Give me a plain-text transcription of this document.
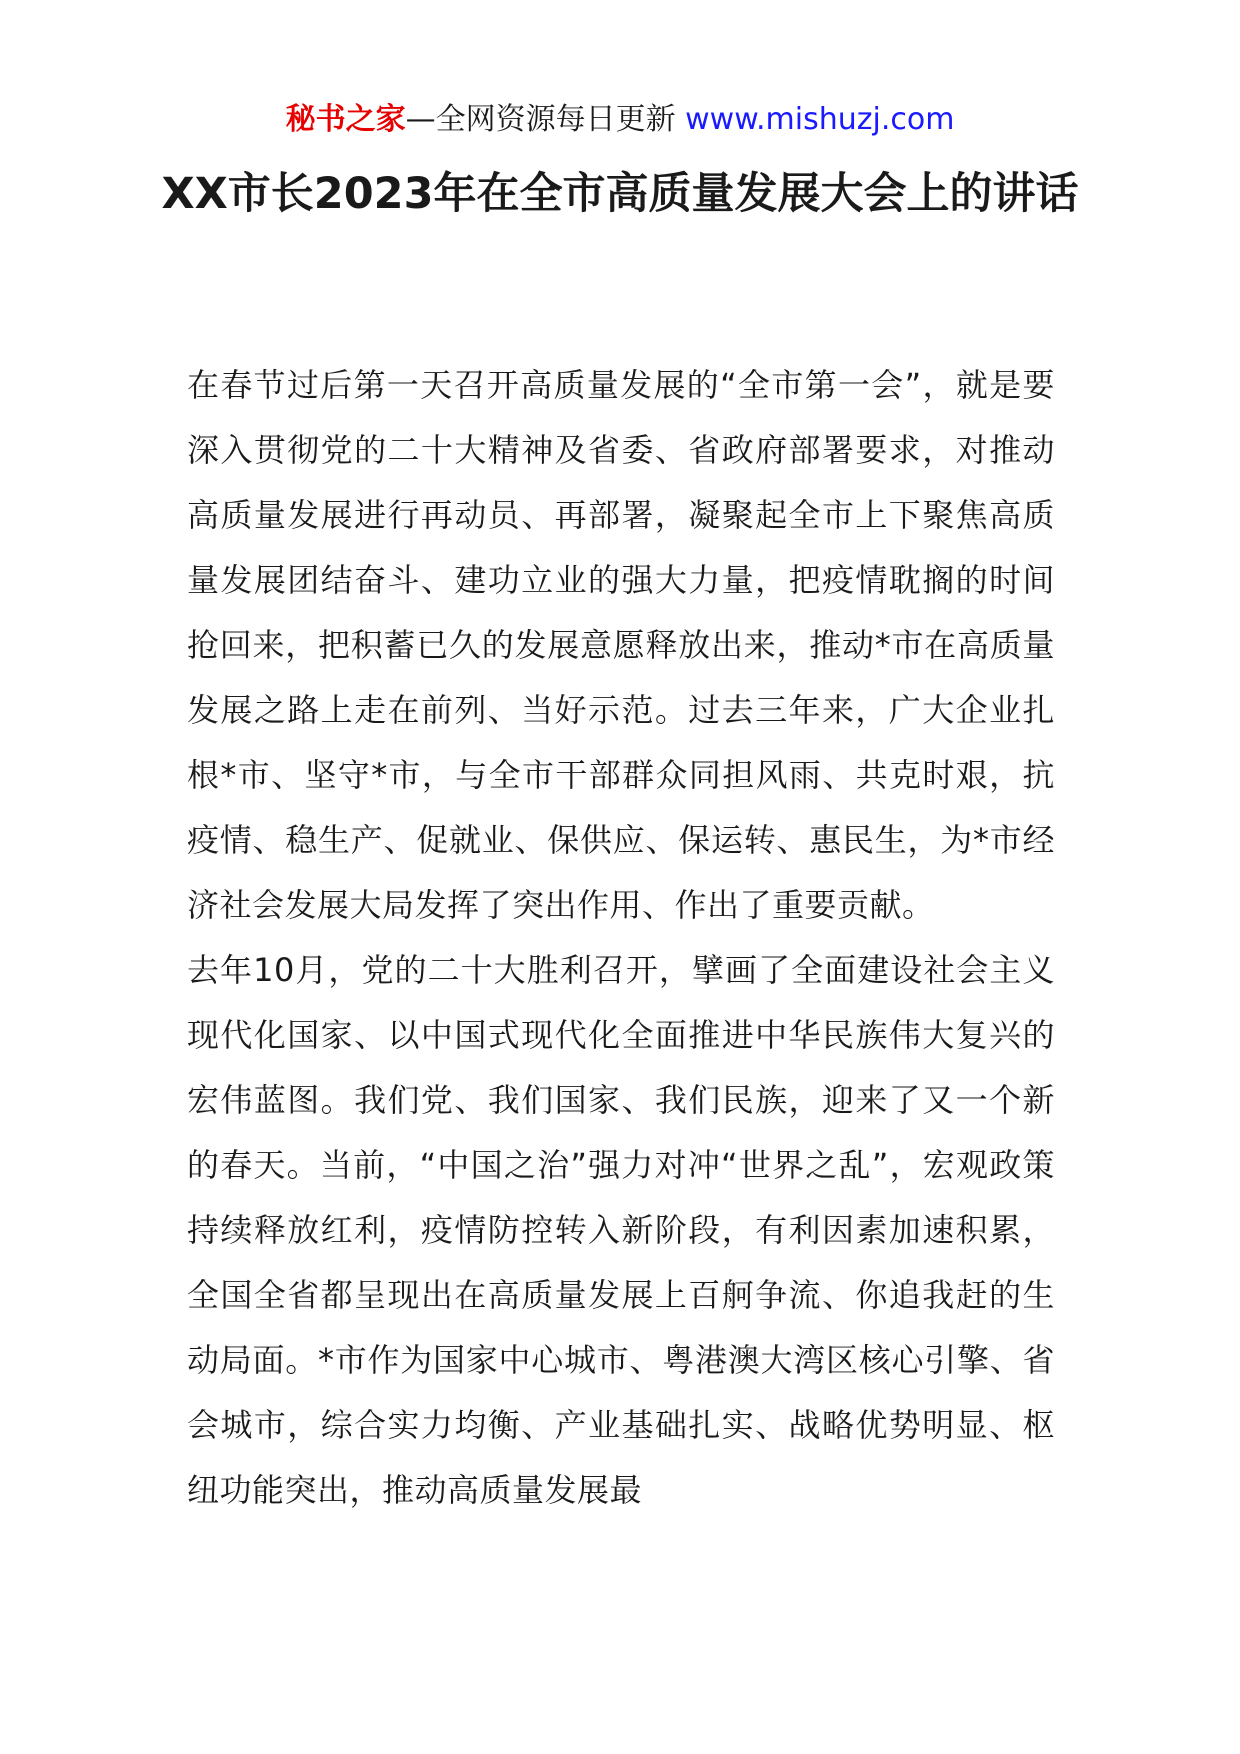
秘书之家—全网资源每日更新 www.mishuzj.com
XX市长2023年在全市高质量发展大会上的讲话

在春节过后第一天召开高质量发展的“全市第一会”，就是要深入贯彻党的二十大精神及省委、省政府部署要求，对推动高质量发展进行再动员、再部署，凝聚起全市上下聚焦高质量发展团结奋斗、建功立业的强大力量，把疫情耽搁的时间抢回来，把积蓄已久的发展意愿释放出来，推动*市在高质量发展之路上走在前列、当好示范。过去三年来，广大企业扎根*市、坚守*市，与全市干部群众同担风雨、共克时艰，抗疫情、稳生产、促就业、保供应、保运转、惠民生，为*市经济社会发展大局发挥了突出作用、作出了重要贡献。

去年10月，党的二十大胜利召开，擘画了全面建设社会主义现代化国家、以中国式现代化全面推进中华民族伟大复兴的宏伟蓝图。我们党、我们国家、我们民族，迎来了又一个新的春天。当前，“中国之治”强力对冲“世界之乱”，宏观政策持续释放红利，疫情防控转入新阶段，有利因素加速积累，全国全省都呈现出在高质量发展上百舸争流、你追我赶的生动局面。*市作为国家中心城市、粤港澳大湾区核心引擎、省会城市，综合实力均衡、产业基础扎实、战略优势明显、枢纽功能突出，推动高质量发展最
